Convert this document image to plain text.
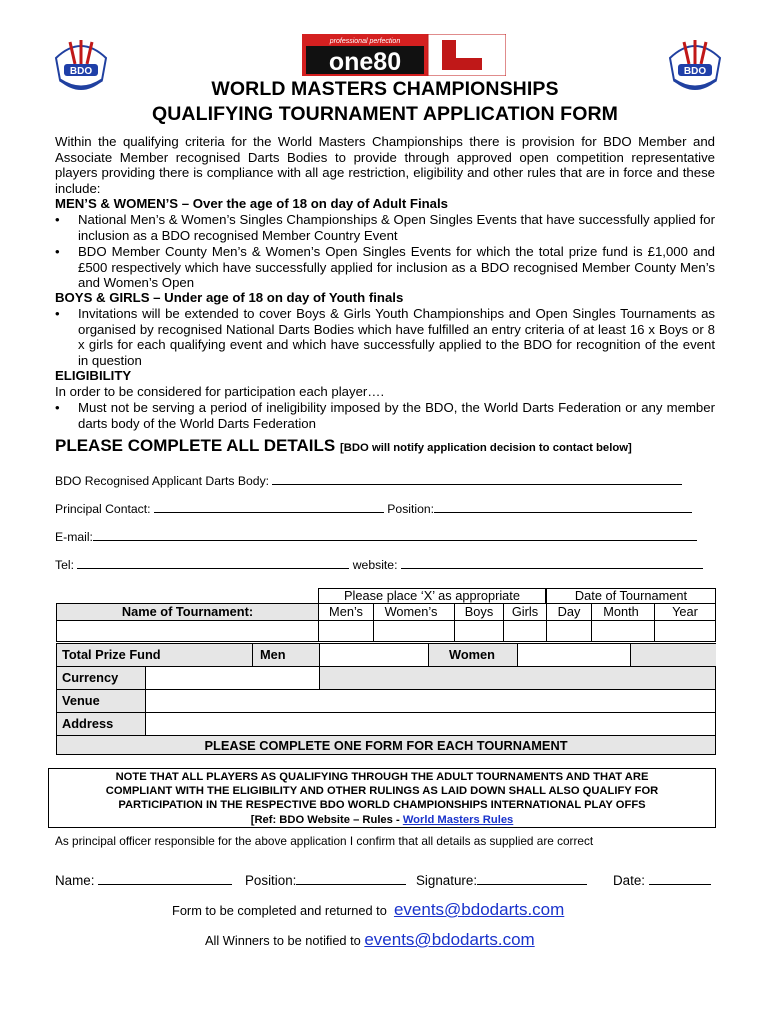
BDO	BDO
professional perfection
one80
WORLD MASTERS CHAMPIONSHIPS
QUALIFYING TOURNAMENT APPLICATION FORM
Within the qualifying criteria for the World Masters Championships there is provision for BDO Member and Associate Member recognised Darts Bodies to provide through approved open competition representative players providing there is compliance with all age restriction, eligibility and other rules that are in force and these include:
MEN’S & WOMEN’S – Over the age of 18 on day of Adult Finals
• National Men’s & Women’s Singles Championships & Open Singles Events that have successfully applied for inclusion as a BDO recognised Member Country Event
• BDO Member County Men’s & Women’s Open Singles Events for which the total prize fund is £1,000 and £500 respectively which have successfully applied for inclusion as a BDO recognised Member County Men’s and Women’s Open
BOYS & GIRLS – Under age of 18 on day of Youth finals
• Invitations will be extended to cover Boys & Girls Youth Championships and Open Singles Tournaments as organised by recognised National Darts Bodies which have fulfilled an entry criteria of at least 16 x Boys or 8 x girls for each qualifying event and which have successfully applied to the BDO for recognition of the event in question
ELIGIBILITY
In order to be considered for participation each player….
• Must not be serving a period of ineligibility imposed by the BDO, the World Darts Federation or any member darts body of the World Darts Federation
PLEASE COMPLETE ALL DETAILS [BDO will notify application decision to contact below]
BDO Recognised Applicant Darts Body:
Principal Contact:	Position:
E-mail:
Tel:	website:
Please place ‘X’ as appropriate	Date of Tournament
Name of Tournament:	Men’s	Women’s	Boys	Girls	Day	Month	Year
Total Prize Fund	Men	Women
Currency
Venue
Address
PLEASE COMPLETE ONE FORM FOR EACH TOURNAMENT
NOTE THAT ALL PLAYERS AS QUALIFYING THROUGH THE ADULT TOURNAMENTS AND THAT ARE
COMPLIANT WITH THE ELIGIBILITY AND OTHER RULINGS AS LAID DOWN SHALL ALSO QUALIFY FOR
PARTICIPATION IN THE RESPECTIVE BDO WORLD CHAMPIONSHIPS INTERNATIONAL PLAY OFFS
[Ref: BDO Website – Rules - World Masters Rules
As principal officer responsible for the above application I confirm that all details as supplied are correct
Name:	Position:	Signature:	Date:
Form to be completed and returned to events@bdodarts.com
All Winners to be notified to events@bdodarts.com
